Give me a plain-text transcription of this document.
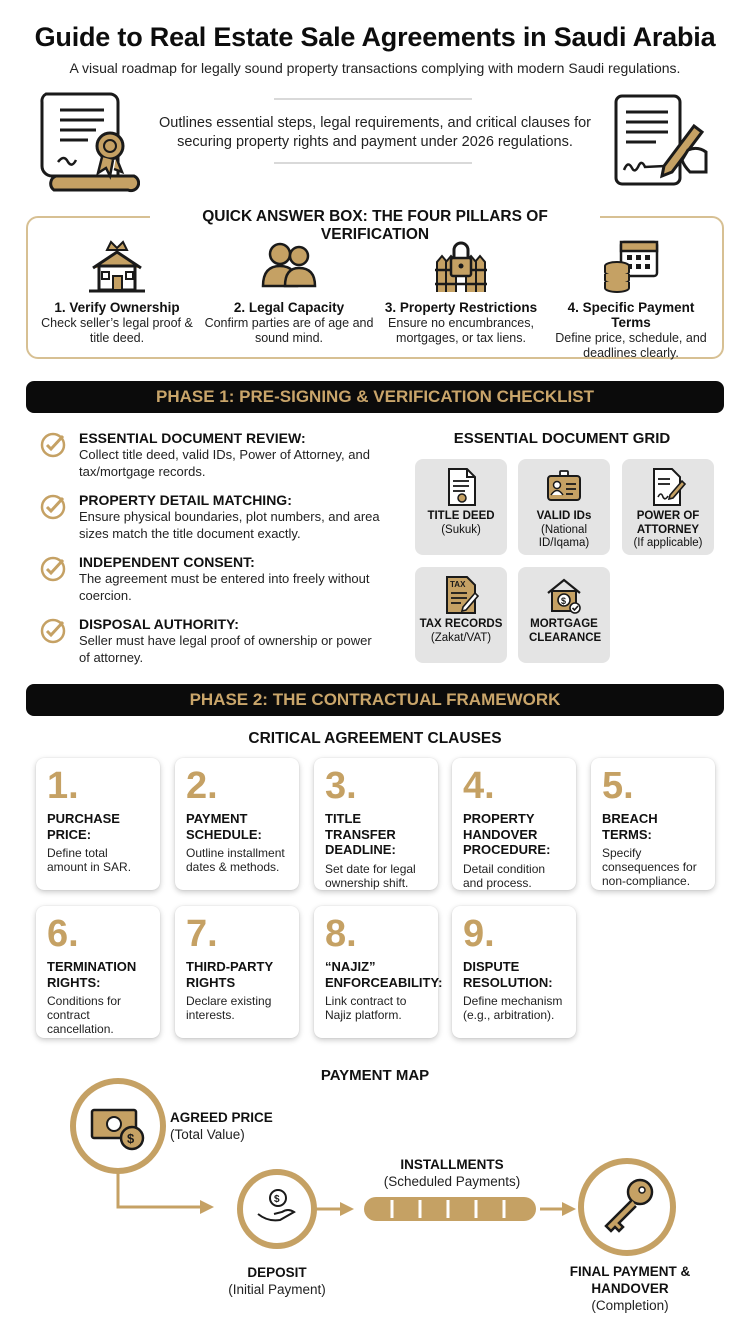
Guide to Real Estate Sale Agreements in Saudi Arabia
A visual roadmap for legally sound property transactions complying with modern Saudi regulations.
Outlines essential steps, legal requirements, and critical clauses for securing property rights and payment under 2026 regulations.
QUICK ANSWER BOX: THE FOUR PILLARS OF VERIFICATION
1. Verify Ownership
Check seller’s legal proof & title deed.
2. Legal Capacity
Confirm parties are of age and sound mind.
3. Property Restrictions
Ensure no encumbrances, mortgages, or tax liens.
4. Specific Payment Terms
Define price, schedule, and deadlines clearly.
PHASE 1: PRE-SIGNING & VERIFICATION CHECKLIST
ESSENTIAL DOCUMENT REVIEW:
Collect title deed, valid IDs, Power of Attorney, and tax/mortgage records.
PROPERTY DETAIL MATCHING:
Ensure physical boundaries, plot numbers, and area sizes match the title document exactly.
INDEPENDENT CONSENT:
The agreement must be entered into freely without coercion.
DISPOSAL AUTHORITY:
Seller must have legal proof of ownership or power of attorney.
ESSENTIAL DOCUMENT GRID
TITLE DEED
(Sukuk)
VALID IDs
(National ID/Iqama)
POWER OF ATTORNEY
(If applicable)
TAX
TAX RECORDS
(Zakat/VAT)
$
MORTGAGE CLEARANCE
PHASE 2: THE CONTRACTUAL FRAMEWORK
CRITICAL AGREEMENT CLAUSES
1.
PURCHASE PRICE:
Define total amount in SAR.
2.
PAYMENT SCHEDULE:
Outline installment dates & methods.
3.
TITLE TRANSFER DEADLINE:
Set date for legal ownership shift.
4.
PROPERTY HANDOVER PROCEDURE:
Detail condition and process.
5.
BREACH TERMS:
Specify consequences for non-compliance.
6.
TERMINATION RIGHTS:
Conditions for contract cancellation.
7.
THIRD-PARTY RIGHTS
Declare existing interests.
8.
“NAJIZ” ENFORCEABILITY:
Link contract to Najiz platform.
9.
DISPUTE RESOLUTION:
Define mechanism (e.g., arbitration).
PAYMENT MAP
$
$
AGREED PRICE
(Total Value)
DEPOSIT
(Initial Payment)
INSTALLMENTS
(Scheduled Payments)
FINAL PAYMENT & HANDOVER
(Completion)
